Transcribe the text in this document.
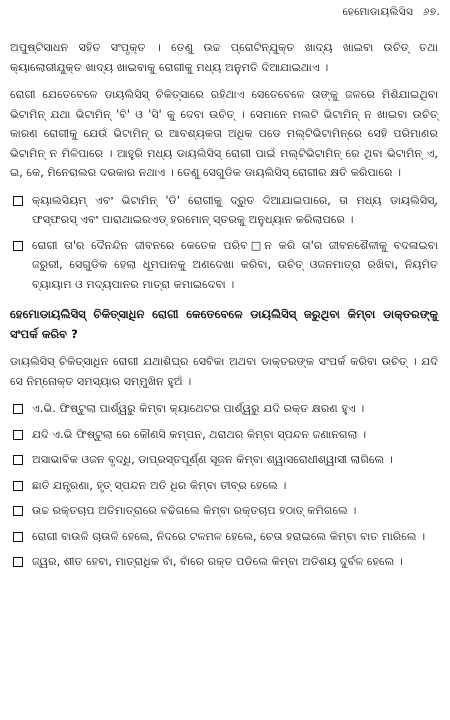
ହେମୋଡାୟଲିସିସ ୬୭.

ଅପୁଷ୍ଟିସାଧନ ସହିତ ସଂପୃକ୍ତ । ତେଣୁ ଉଚ୍ଚ ପ୍ରୋଟିନ୍‌ଯୁକ୍ତ ଖାଦ୍ୟ ଖାଇବା ଉଚିତ୍ ତଥା କ୍ୟାଲୋରୀଯୁକ୍ତ ଖାଦ୍ୟ ଖାଇବାକୁ ରୋଗୀକୁ ମଧ୍ୟ ଅନୁମତି ଦିଆଯାଇଥାଏ ।

ରୋଗୀ ଯେତେବେଳେ ଡାୟଲିସିସ୍ ଚିକିତ୍ସାରେ ରହିଥାଏ ସେତେବେଳେ ତାଙ୍କୁ ଜଳରେ ମିଶିଯାଇଥିବା ଭିଟାମିନ୍ ଯଥା ଭିଟାମିନ୍ 'ବି' ଓ 'ସି' କୁ ଦେବା ଉଚିତ୍ । ସେମାନେ ମଲଟି ଭିଟାମିନ୍ ନ ଖାଇବା ଉଚିତ୍ କାରଣ ରୋଗୀକୁ ଯେଉଁ ଭିଟାମିନ୍ ର ଆବଶ୍ୟକତା ଅଧିକ ପଡେ ମଲ୍‌ଟିଭିଟାମିନ୍‌ରେ ସେହି ପରିମାଣର ଭିଟାମିନ୍ ନ ମିଳିପାରେ । ଆହୁରି ମଧ୍ୟ ଡାୟଲିସିସ୍ ରୋଗୀ ପାଇଁ ମଲ୍‌ଟିଭିଟାମିନ୍ ରେ ଥିବା ଭିଟାମିନ୍ ଏ, ଇ, କେ, ମିନେରାଲର ଦରକାର ନଥାଏ । ତେଣୁ ସେଗୁଡିକ ଡାୟଲିସିସ୍ ରୋଗୀର କ୍ଷତି କରିପାରେ ।

କ୍ୟାଲସିୟମ୍ ଏବଂ ଭିଟାମିନ୍ 'ଡି' ରୋଗୀକୁ ଦ୍ରୁତ ଦିଆଯାଇପାରେ, ତା ମଧ୍ୟ ଡାୟଲିସିସ୍, ଫସ୍‌ଫରସ୍ ଏବଂ ପାରାଥାଇରଏଡ୍ ହରମୋନ୍ ସ୍ତରକୁ ଅନୁଧ୍ୟାନ କରିଲାପରେ ।

ରୋଗୀ ତା'ର ଦୈନନ୍ଦିନ ଜୀବନରେ କେତେକ ପରିବ□ନ କରି ତା'ର ଜୀବନଶୈଳୀକୁ ବଦଳାଇବା ଜରୁରୀ, ସେଗୁଡିକ ହେଲା ଧୂମପାନକୁ ଅଣଦେଖା କରିବା, ଉଚିତ୍ ଓଜନମାତ୍ରା ରଖିବା, ନିୟମିତ ବ୍ୟାୟାମ ଓ ମଦ୍ୟପାନର ମାତ୍ରା କମାଇଦେବା ।

ହେମୋଡାୟଲିସିସ୍ ଚିକିତ୍ସାଧିନ ରୋଗୀ କେତେବେଳେ ଡାୟଲିସିସ୍ ଜରୁଥିବା କିମ୍ବା ଡାକ୍ତରଙ୍କୁ ସଂପର୍କ କରିବ ?

ଡାୟଲିସିସ୍ ଚିକିତ୍ସାଧିନ ରୋଗୀ ଯଥାଶିଘ୍ର ସେବିକା ଅଥବା ଡାକ୍ତରଙ୍କ ସଂପର୍କ କରିବା ଉଚିତ୍ । ଯଦି ସେ ନିମ୍ନୋକ୍ତ ସମସ୍ୟାର ସମ୍ମୁଖିନ ହୁଅଁ ।

ଏ.ଭି. ଫିଷ୍ଟୁଲା ପାର୍ଶ୍ୱରୁ କିମ୍ବା କ୍ୟାଥେଟର ପାର୍ଶ୍ୱରୁ ଯଦି ରକ୍ତ କ୍ଷରଣ ହୁଏ ।

ଯଦି ଏ.ଭି ଫିଷ୍ଟୁଲା ରେ କୌଣସି କମ୍ପନ, ଥରାଥର କିମ୍ବା ସ୍ପନ୍ଦନ ଜଣାନଗଲା ।

ଅସାଭାବିକ ଓଜନ ବୃଦ୍ଧି, ଡାପ୍ରସ୍ତପୂର୍ଣ୍ଣ ସୂଜନ କିମ୍ବା ଶ୍ୱାସରୋଧୀଶ୍ୱାସୀ ଲାଗିଲେ ।

ଛାତି ଯନ୍ତ୍ରଣା, ହୃତ୍ ସ୍ପନ୍ଦନ ଅତି ଧିର କିମ୍ବା ତୀବ୍ର ହେଲେ ।

ଉଚ୍ଚ ରକ୍ତଚାପ ଅତିମାତ୍ରାରେ ବଢିଗଲେ କିମ୍ବା ରକ୍ତଚାପ ହଠାତ୍ କମିଗଲେ ।

ରୋଗୀ ବାଉଳି ଚାଉଳି ହେଲେ, ନିଦରେ ଟଳମଳ ହେଲେ, ଚେତା ହରାଇଲେ କିମ୍ବା ବାତ ମାରିଲେ ।

ଜ୍ୱର, ଶୀତ ହେବା, ମାତ୍ରାଧିକ ବାଁ, ବାଁରେ ରକ୍ତ ପଡିଲେ କିମ୍ବା ଅତିଶୟ ଦୁର୍ବଳ ହେଲେ ।
